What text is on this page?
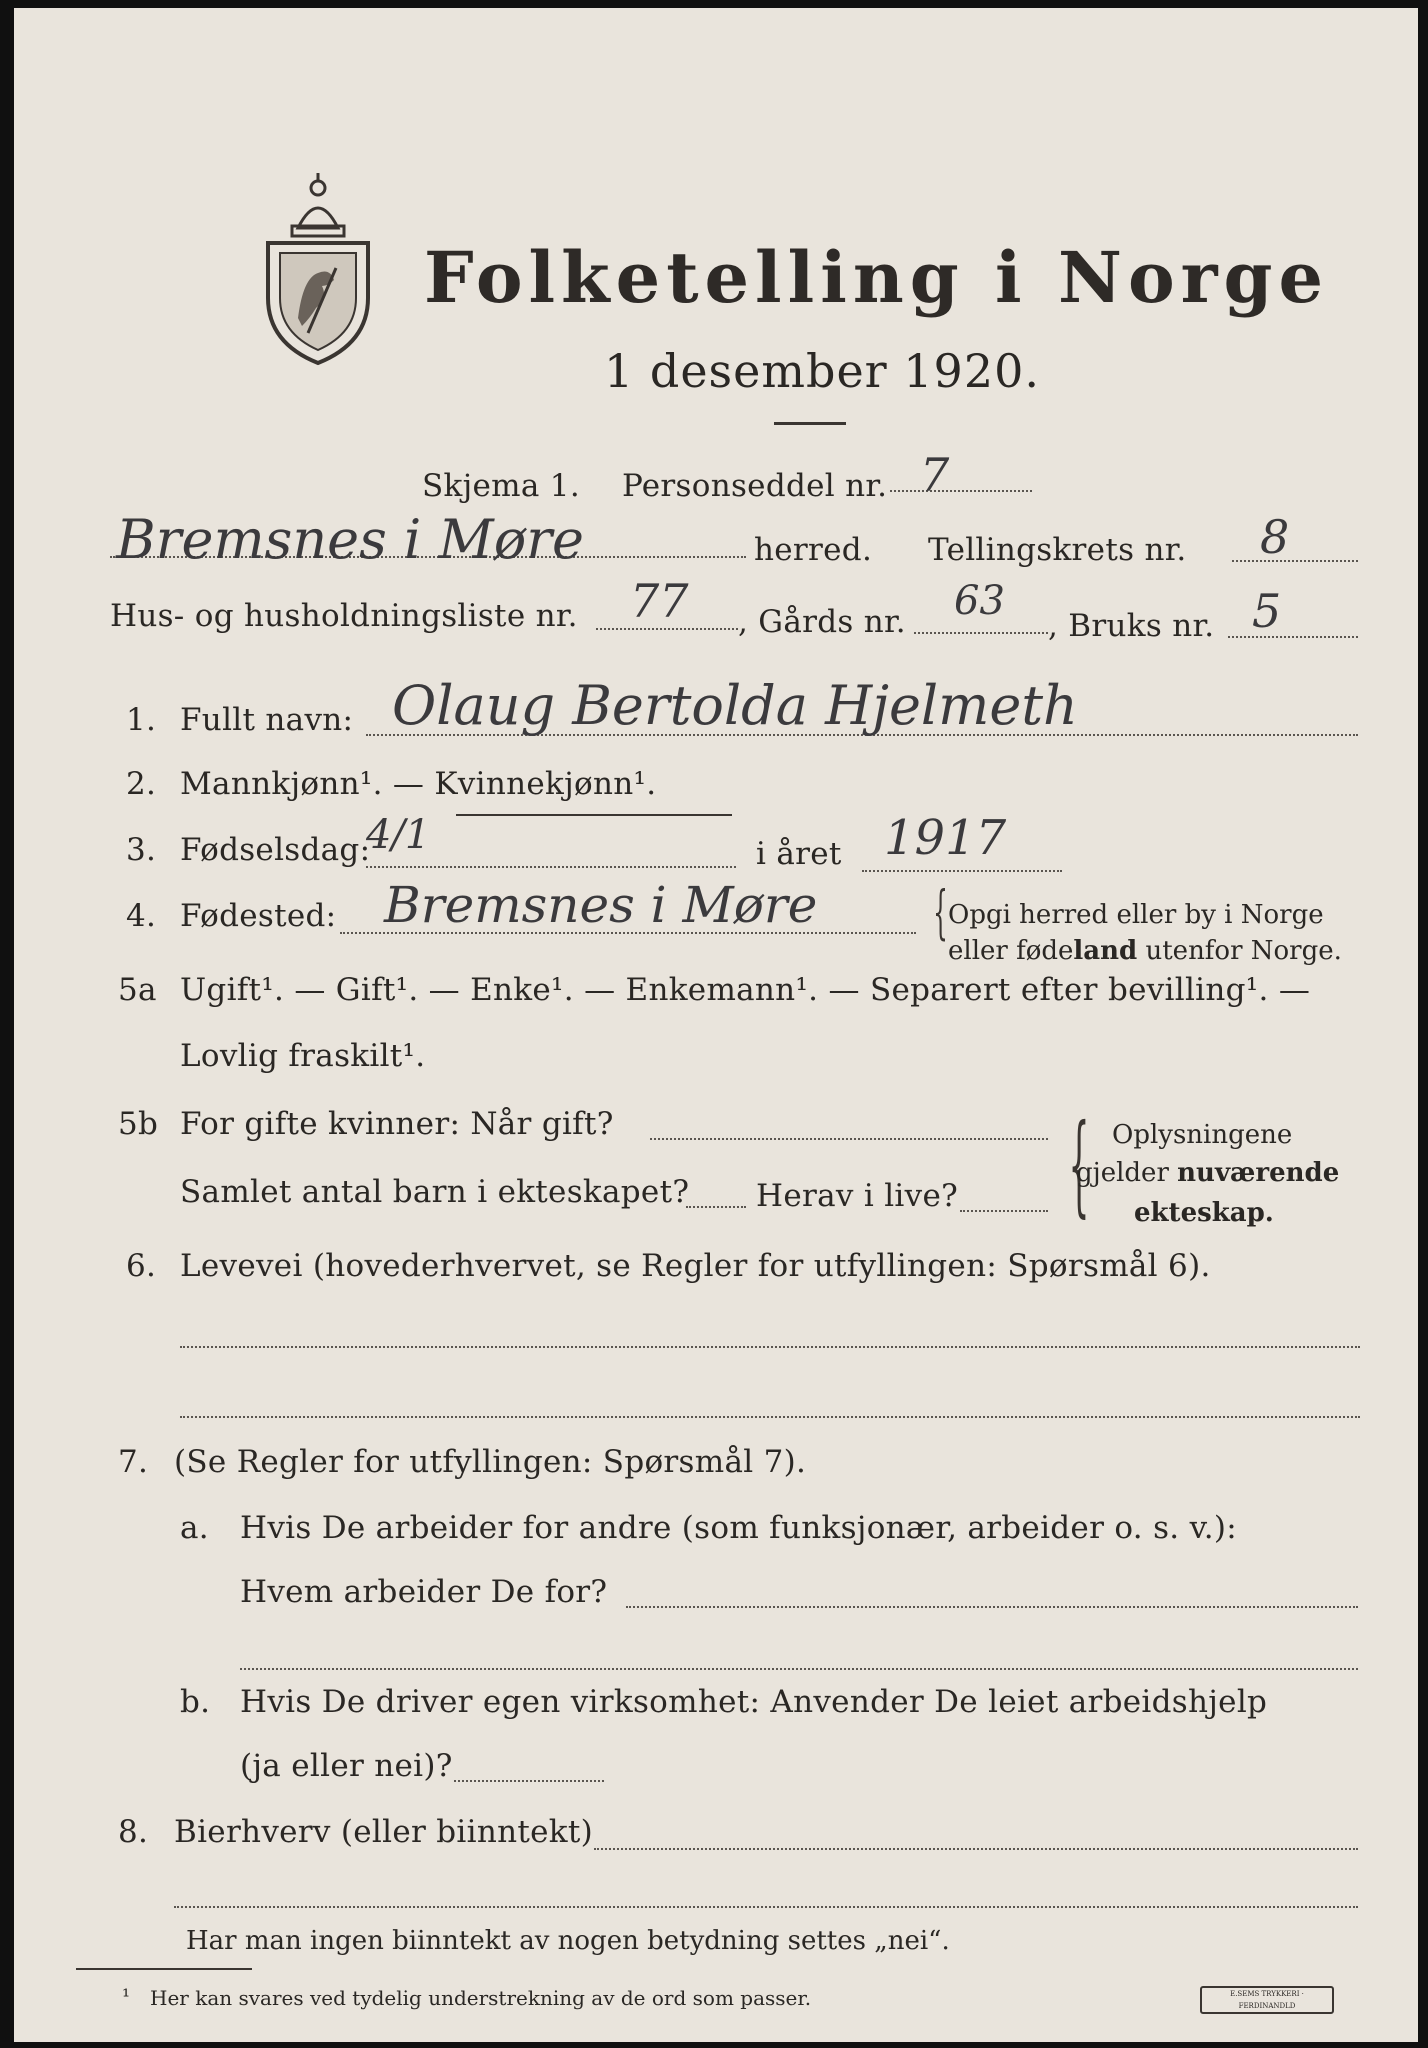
Folketelling i Norge
1 desember 1920.
Skjema 1. Personseddel nr. 7
Bremsnes i Møre	herred. Tellingskrets nr. 8
Hus- og husholdningsliste nr. 77 , Gårds nr. 63
, Bruks nr. 5
1. Fullt navn: Olaug Bertolda Hjelmeth
2. Mannkjønn¹. — Kvinnekjønn¹.
3. Fødselsdag:
4/1	i året 1917
4. Fødested: Bremsnes i Møre { Opgi herred eller by i Norge
eller fødeland utenfor Norge.
5a Ugift¹. — Gift¹. — Enke¹. — Enkemann¹. — Separert efter bevilling¹. —
Lovlig fraskilt¹.
5b For gifte kvinner: Når gift?
Samlet antal barn i ekteskapet? Herav i live? { Oplysningene
gjelder nuværende
ekteskap.
6. Levevei (hovederhvervet, se Regler for utfyllingen: Spørsmål 6).
7. (Se Regler for utfyllingen: Spørsmål 7).
a. Hvis De arbeider for andre (som funksjonær, arbeider o. s. v.):
Hvem arbeider De for?
b. Hvis De driver egen virksomhet: Anvender De leiet arbeidshjelp
(ja eller nei)?
8. Bierhverv (eller biinntekt)
Har man ingen biinntekt av nogen betydning settes „nei“.
¹ Her kan svares ved tydelig understrekning av de ord som passer.	E.SEMS TRYKKERI · FERDINANDLD
